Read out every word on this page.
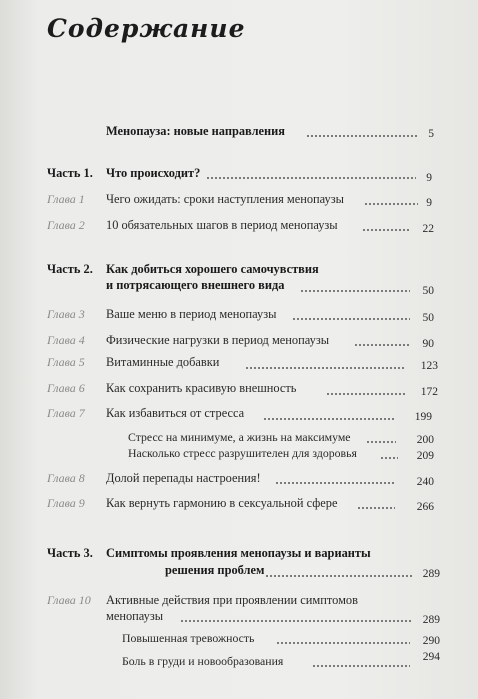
Содержание
Менопауза: новые направления	5
Часть 1. Что происходит?	9
Глава 1 Чего ожидать: сроки наступления менопаузы	9
Глава 2 10 обязательных шагов в период менопаузы	22
Часть 2. Как добиться хорошего самочувствия
и потрясающего внешнего вида	50
Глава 3 Ваше меню в период менопаузы	50
Глава 4 Физические нагрузки в период менопаузы	90
Глава 5 Витаминные добавки	123
Глава 6 Как сохранить красивую внешность	172
Глава 7 Как избавиться от стресса	199
Стресс на минимуме, а жизнь на максимуме	200
Насколько стресс разрушителен для здоровья	209
Глава 8 Долой перепады настроения!	240
Глава 9 Как вернуть гармонию в сексуальной сфере	266
Часть 3. Симптомы проявления менопаузы и варианты
решения проблем	289
Глава 10 Активные действия при проявлении симптомов
менопаузы	289
Повышенная тревожность	290
Боль в груди и новообразования	294
